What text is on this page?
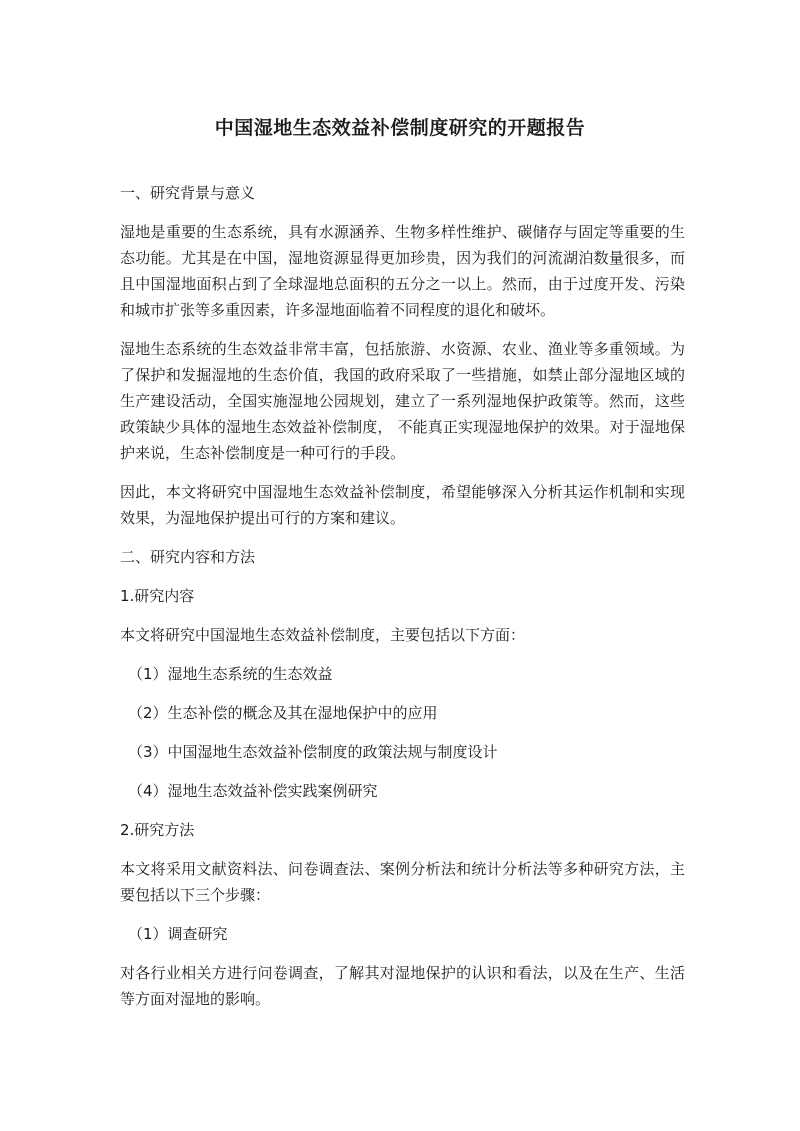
中国湿地生态效益补偿制度研究的开题报告

一、研究背景与意义

湿地是重要的生态系统，具有水源涵养、生物多样性维护、碳储存与固定等重要的生态功能。尤其是在中国，湿地资源显得更加珍贵，因为我们的河流湖泊数量很多，而且中国湿地面积占到了全球湿地总面积的五分之一以上。然而，由于过度开发、污染和城市扩张等多重因素，许多湿地面临着不同程度的退化和破坏。

湿地生态系统的生态效益非常丰富，包括旅游、水资源、农业、渔业等多重领域。为了保护和发掘湿地的生态价值，我国的政府采取了一些措施，如禁止部分湿地区域的生产建设活动，全国实施湿地公园规划，建立了一系列湿地保护政策等。然而，这些政策缺少具体的湿地生态效益补偿制度， 不能真正实现湿地保护的效果。对于湿地保护来说，生态补偿制度是一种可行的手段。

因此，本文将研究中国湿地生态效益补偿制度，希望能够深入分析其运作机制和实现效果，为湿地保护提出可行的方案和建议。

二、研究内容和方法

1.研究内容

本文将研究中国湿地生态效益补偿制度，主要包括以下方面：

（1）湿地生态系统的生态效益

（2）生态补偿的概念及其在湿地保护中的应用

（3）中国湿地生态效益补偿制度的政策法规与制度设计

（4）湿地生态效益补偿实践案例研究

2.研究方法

本文将采用文献资料法、问卷调查法、案例分析法和统计分析法等多种研究方法，主要包括以下三个步骤：

（1）调查研究

对各行业相关方进行问卷调查，了解其对湿地保护的认识和看法，以及在生产、生活等方面对湿地的影响。
